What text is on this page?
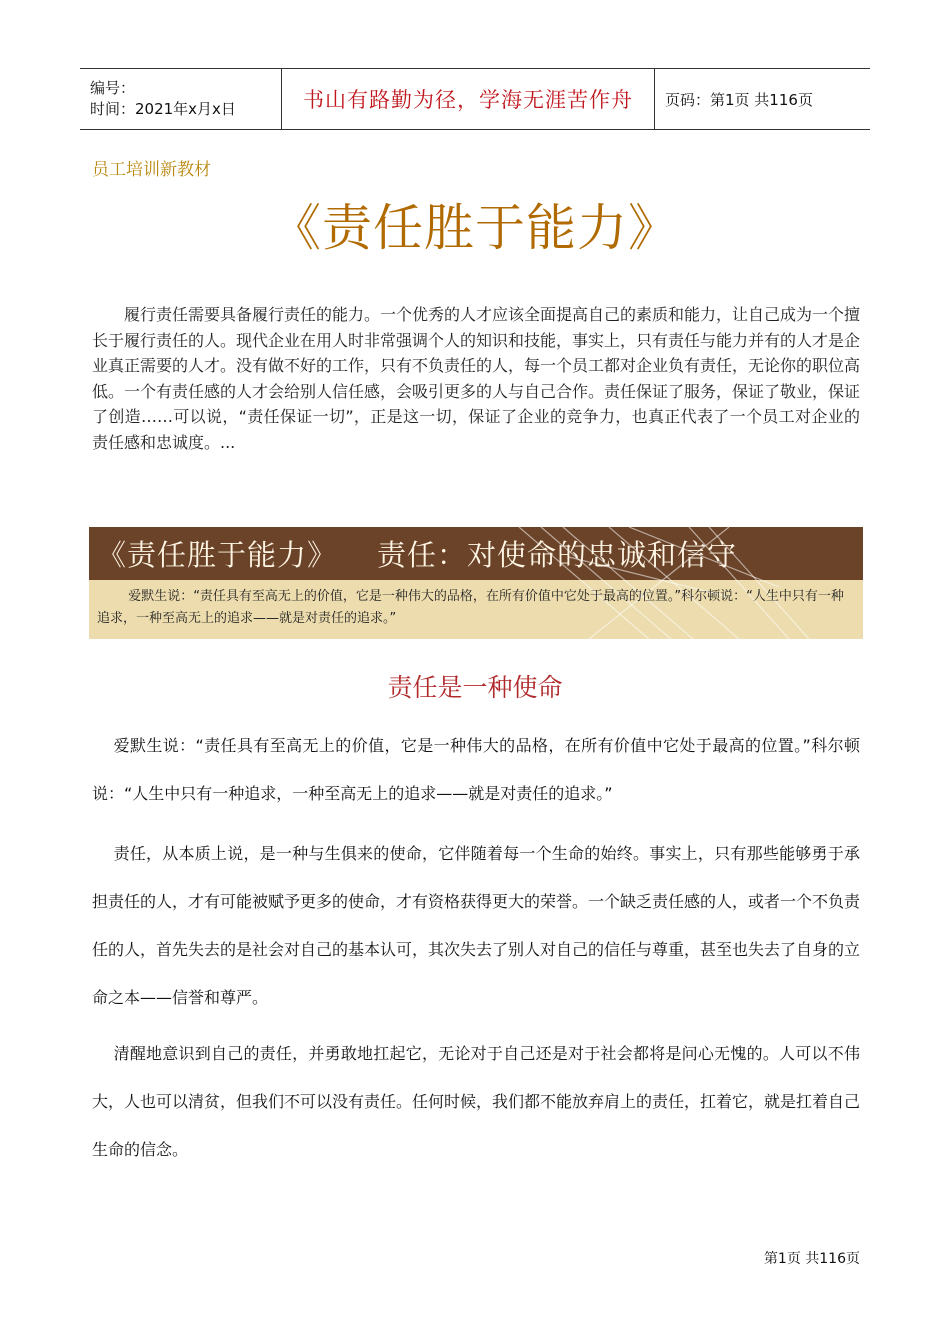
编号：
时间：2021年x月x日	书山有路勤为径，学海无涯苦作舟	页码：第1页 共116页
员工培训新教材
《责任胜于能力》
履行责任需要具备履行责任的能力。一个优秀的人才应该全面提高自己的素质和能力，让自己成为一个擅长于履行责任的人。现代企业在用人时非常强调个人的知识和技能，事实上，只有责任与能力并有的人才是企业真正需要的人才。没有做不好的工作，只有不负责任的人，每一个员工都对企业负有责任，无论你的职位高低。一个有责任感的人才会给别人信任感，会吸引更多的人与自己合作。责任保证了服务，保证了敬业，保证了创造……可以说，“责任保证一切”，正是这一切，保证了企业的竞争力，也真正代表了一个员工对企业的责任感和忠诚度。...
《责任胜于能力》 责任：对使命的忠诚和信守

爱默生说：“责任具有至高无上的价值，它是一种伟大的品格，在所有价值中它处于最高的位置。”科尔顿说：“人生中只有一种追求，一种至高无上的追求——就是对责任的追求。”

责任是一种使命
爱默生说：“责任具有至高无上的价值，它是一种伟大的品格，在所有价值中它处于最高的位置。”科尔顿说：“人生中只有一种追求，一种至高无上的追求——就是对责任的追求。”
责任，从本质上说，是一种与生俱来的使命，它伴随着每一个生命的始终。事实上，只有那些能够勇于承担责任的人，才有可能被赋予更多的使命，才有资格获得更大的荣誉。一个缺乏责任感的人，或者一个不负责任的人，首先失去的是社会对自己的基本认可，其次失去了别人对自己的信任与尊重，甚至也失去了自身的立命之本——信誉和尊严。
清醒地意识到自己的责任，并勇敢地扛起它，无论对于自己还是对于社会都将是问心无愧的。人可以不伟大，人也可以清贫，但我们不可以没有责任。任何时候，我们都不能放弃肩上的责任，扛着它，就是扛着自己生命的信念。
第1页 共116页
